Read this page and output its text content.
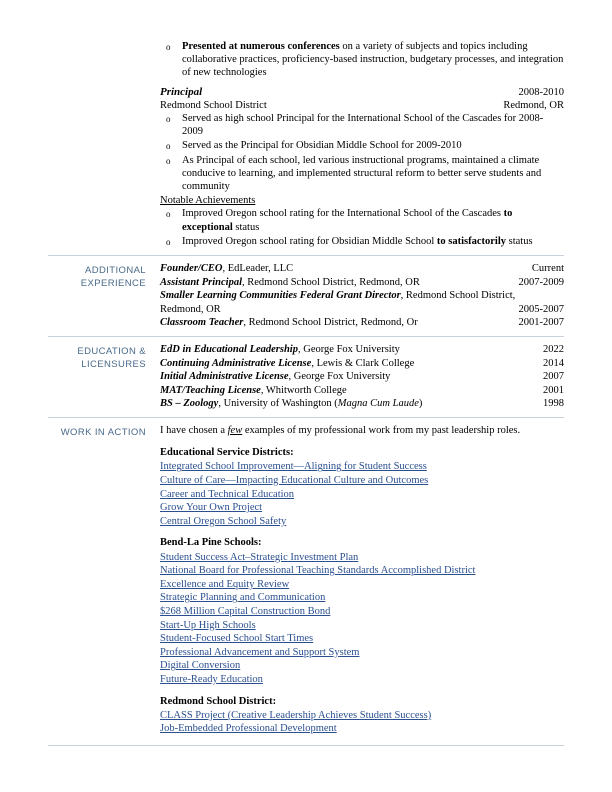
o Presented at numerous conferences on a variety of subjects and topics including collaborative practices, proficiency-based instruction, budgetary processes, and integration of new technologies
Principal	2008-2010
Redmond School District	Redmond, OR
o Served as high school Principal for the International School of the Cascades for 2008-2009
o Served as the Principal for Obsidian Middle School for 2009-2010
o As Principal of each school, led various instructional programs, maintained a climate conducive to learning, and implemented structural reform to better serve students and community
Notable Achievements
o Improved Oregon school rating for the International School of the Cascades to exceptional status
o Improved Oregon school rating for Obsidian Middle School to satisfactorily status
ADDITIONAL
EXPERIENCE
Founder/CEO, EdLeader, LLC	Current
Assistant Principal, Redmond School District, Redmond, OR	2007-2009
Smaller Learning Communities Federal Grant Director, Redmond School District,
Redmond, OR	2005-2007
Classroom Teacher, Redmond School District, Redmond, Or	2001-2007
EDUCATION &
LICENSURES
EdD in Educational Leadership, George Fox University	2022
Continuing Administrative License, Lewis & Clark College	2014
Initial Administrative License, George Fox University	2007
MAT/Teaching License, Whitworth College	2001
BS – Zoology, University of Washington (Magna Cum Laude)	1998
WORK IN ACTION I have chosen a few examples of my professional work from my past leadership roles.
Educational Service Districts:
Integrated School Improvement—Aligning for Student Success
Culture of Care—Impacting Educational Culture and Outcomes
Career and Technical Education
Grow Your Own Project
Central Oregon School Safety
Bend-La Pine Schools:
Student Success Act–Strategic Investment Plan
National Board for Professional Teaching Standards Accomplished District
Excellence and Equity Review
Strategic Planning and Communication
$268 Million Capital Construction Bond
Start-Up High Schools
Student-Focused School Start Times
Professional Advancement and Support System
Digital Conversion
Future-Ready Education
Redmond School District:
CLASS Project (Creative Leadership Achieves Student Success)
Job-Embedded Professional Development
